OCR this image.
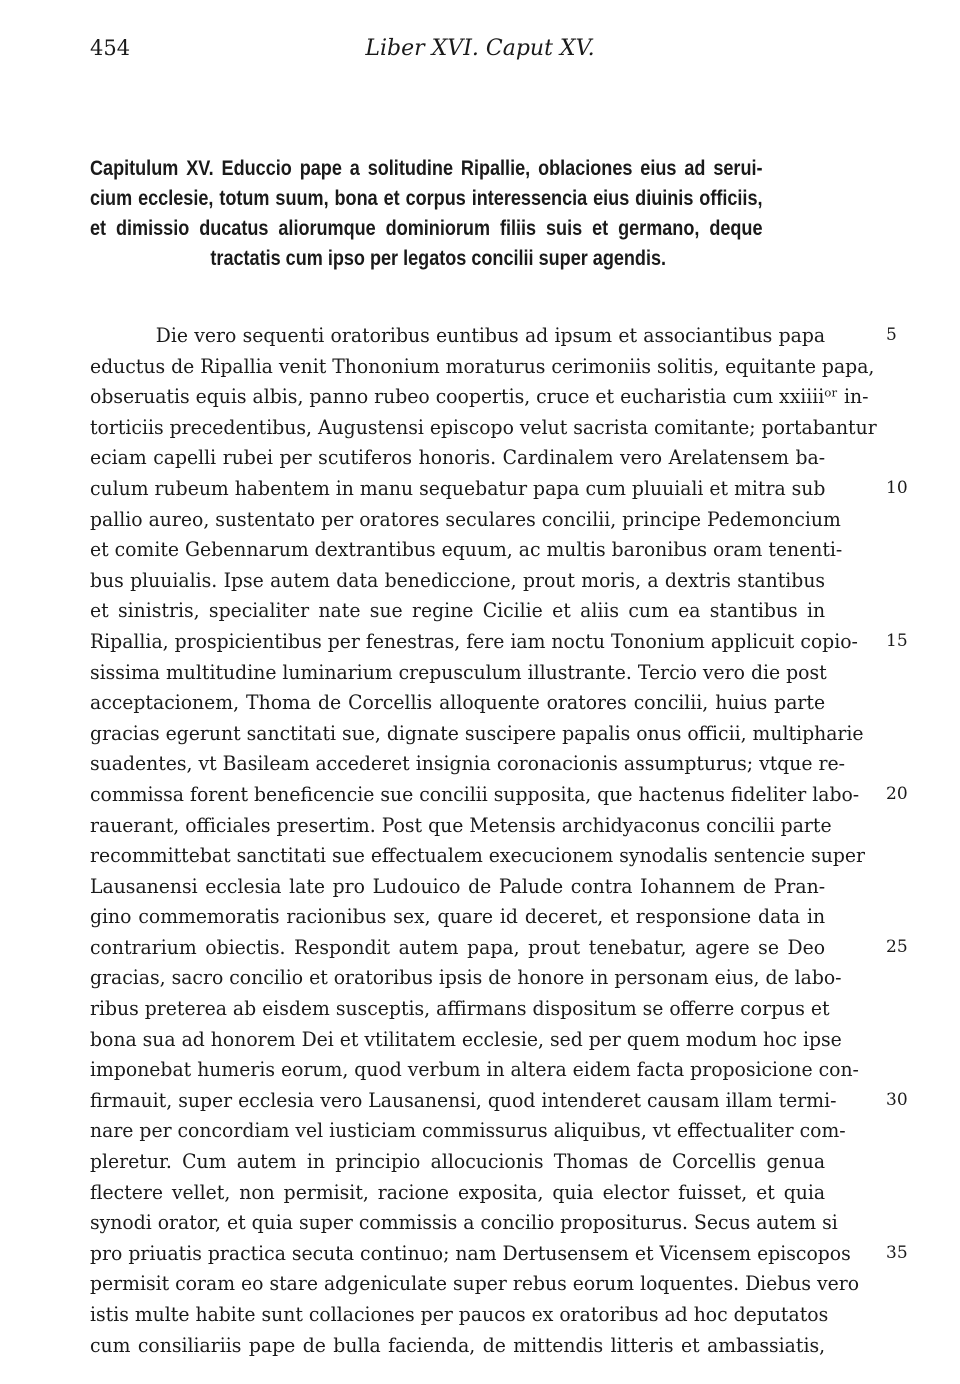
454	Liber XVI. Caput XV.
Capitulum XV. Educcio pape a solitudine Ripallie, oblaciones eius ad serui-
cium ecclesie, totum suum, bona et corpus interessencia eius diuinis officiis,
et dimissio ducatus aliorumque dominiorum filiis suis et germano, deque
tractatis cum ipso per legatos concilii super agendis.
Die vero sequenti oratoribus euntibus ad ipsum et associantibus papa
eductus de Ripallia venit Thononium moraturus cerimoniis solitis, equitante papa,
obseruatis equis albis, panno rubeo coopertis, cruce et eucharistia cum xxiiiiᵒʳ in-
torticiis precedentibus, Augustensi episcopo velut sacrista comitante; portabantur
eciam capelli rubei per scutiferos honoris. Cardinalem vero Arelatensem ba-
culum rubeum habentem in manu sequebatur papa cum pluuiali et mitra sub
pallio aureo, sustentato per oratores seculares concilii, principe Pedemoncium
et comite Gebennarum dextrantibus equum, ac multis baronibus oram tenenti-
bus pluuialis. Ipse autem data benediccione, prout moris, a dextris stantibus
et sinistris, specialiter nate sue regine Cicilie et aliis cum ea stantibus in
Ripallia, prospicientibus per fenestras, fere iam noctu Tononium applicuit copio-
sissima multitudine luminarium crepusculum illustrante. Tercio vero die post
acceptacionem, Thoma de Corcellis alloquente oratores concilii, huius parte
gracias egerunt sanctitati sue, dignate suscipere papalis onus officii, multipharie
suadentes, vt Basileam accederet insignia coronacionis assumpturus; vtque re-
commissa forent beneficencie sue concilii supposita, que hactenus fideliter labo-
rauerant, officiales presertim. Post que Metensis archidyaconus concilii parte
recommittebat sanctitati sue effectualem execucionem synodalis sentencie super
Lausanensi ecclesia late pro Ludouico de Palude contra Iohannem de Pran-
gino commemoratis racionibus sex, quare id deceret, et responsione data in
contrarium obiectis. Respondit autem papa, prout tenebatur, agere se Deo
gracias, sacro concilio et oratoribus ipsis de honore in personam eius, de labo-
ribus preterea ab eisdem susceptis, affirmans dispositum se offerre corpus et
bona sua ad honorem Dei et vtilitatem ecclesie, sed per quem modum hoc ipse
imponebat humeris eorum, quod verbum in altera eidem facta proposicione con-
firmauit, super ecclesia vero Lausanensi, quod intenderet causam illam termi-
nare per concordiam vel iusticiam commissurus aliquibus, vt effectualiter com-
pleretur. Cum autem in principio allocucionis Thomas de Corcellis genua
flectere vellet, non permisit, racione exposita, quia elector fuisset, et quia
synodi orator, et quia super commissis a concilio propositurus. Secus autem si
pro priuatis practica secuta continuo; nam Dertusensem et Vicensem episcopos
permisit coram eo stare adgeniculate super rebus eorum loquentes. Diebus vero
istis multe habite sunt collaciones per paucos ex oratoribus ad hoc deputatos
cum consiliariis pape de bulla facienda, de mittendis litteris et ambassiatis,
5
10
15
20
25
30
35
